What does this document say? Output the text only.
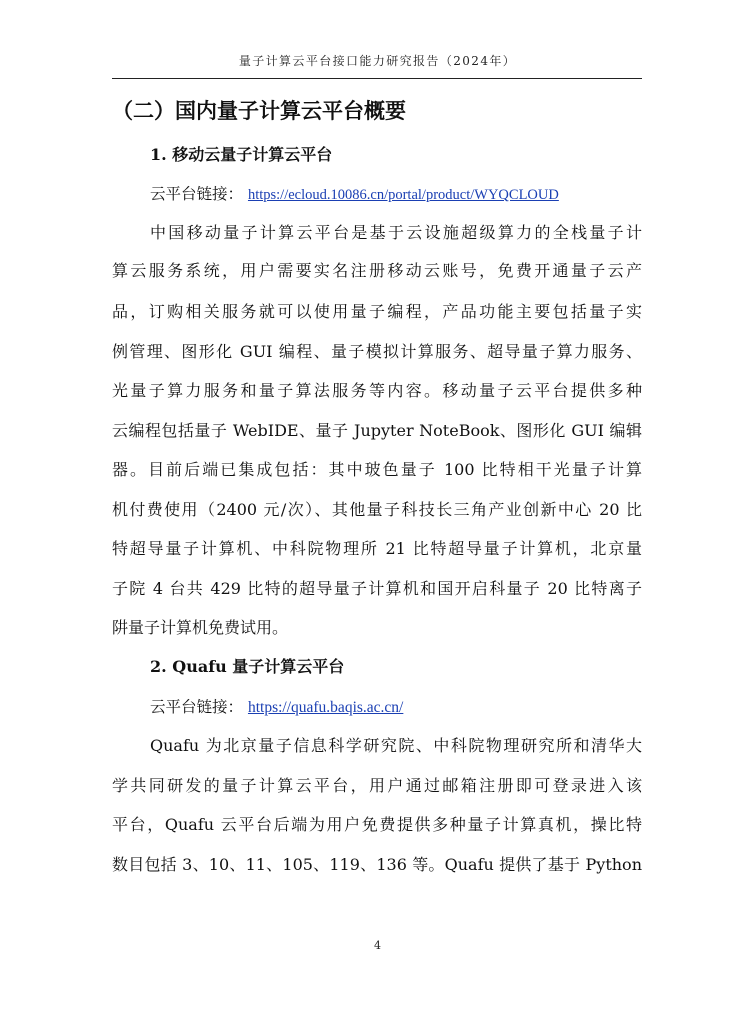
量子计算云平台接口能力研究报告（2024年）
（二）国内量子计算云平台概要
1. 移动云量子计算云平台
云平台链接： https://ecloud.10086.cn/portal/product/WYQCLOUD
中国移动量子计算云平台是基于云设施超级算力的全栈量子计
算云服务系统，用户需要实名注册移动云账号，免费开通量子云产
品，订购相关服务就可以使用量子编程，产品功能主要包括量子实
例管理、图形化 GUI 编程、量子模拟计算服务、超导量子算力服务、
光量子算力服务和量子算法服务等内容。移动量子云平台提供多种
云编程包括量子 WebIDE、量子 Jupyter NoteBook、图形化 GUI 编辑
器。目前后端已集成包括：其中玻色量子 100 比特相干光量子计算
机付费使用（2400 元/次）、其他量子科技长三角产业创新中心 20 比
特超导量子计算机、中科院物理所 21 比特超导量子计算机，北京量
子院 4 台共 429 比特的超导量子计算机和国开启科量子 20 比特离子
阱量子计算机免费试用。
2. Quafu 量子计算云平台
云平台链接： https://quafu.baqis.ac.cn/
Quafu 为北京量子信息科学研究院、中科院物理研究所和清华大
学共同研发的量子计算云平台，用户通过邮箱注册即可登录进入该
平台，Quafu 云平台后端为用户免费提供多种量子计算真机，操比特
数目包括 3、10、11、105、119、136 等。Quafu 提供了基于 Python
4
